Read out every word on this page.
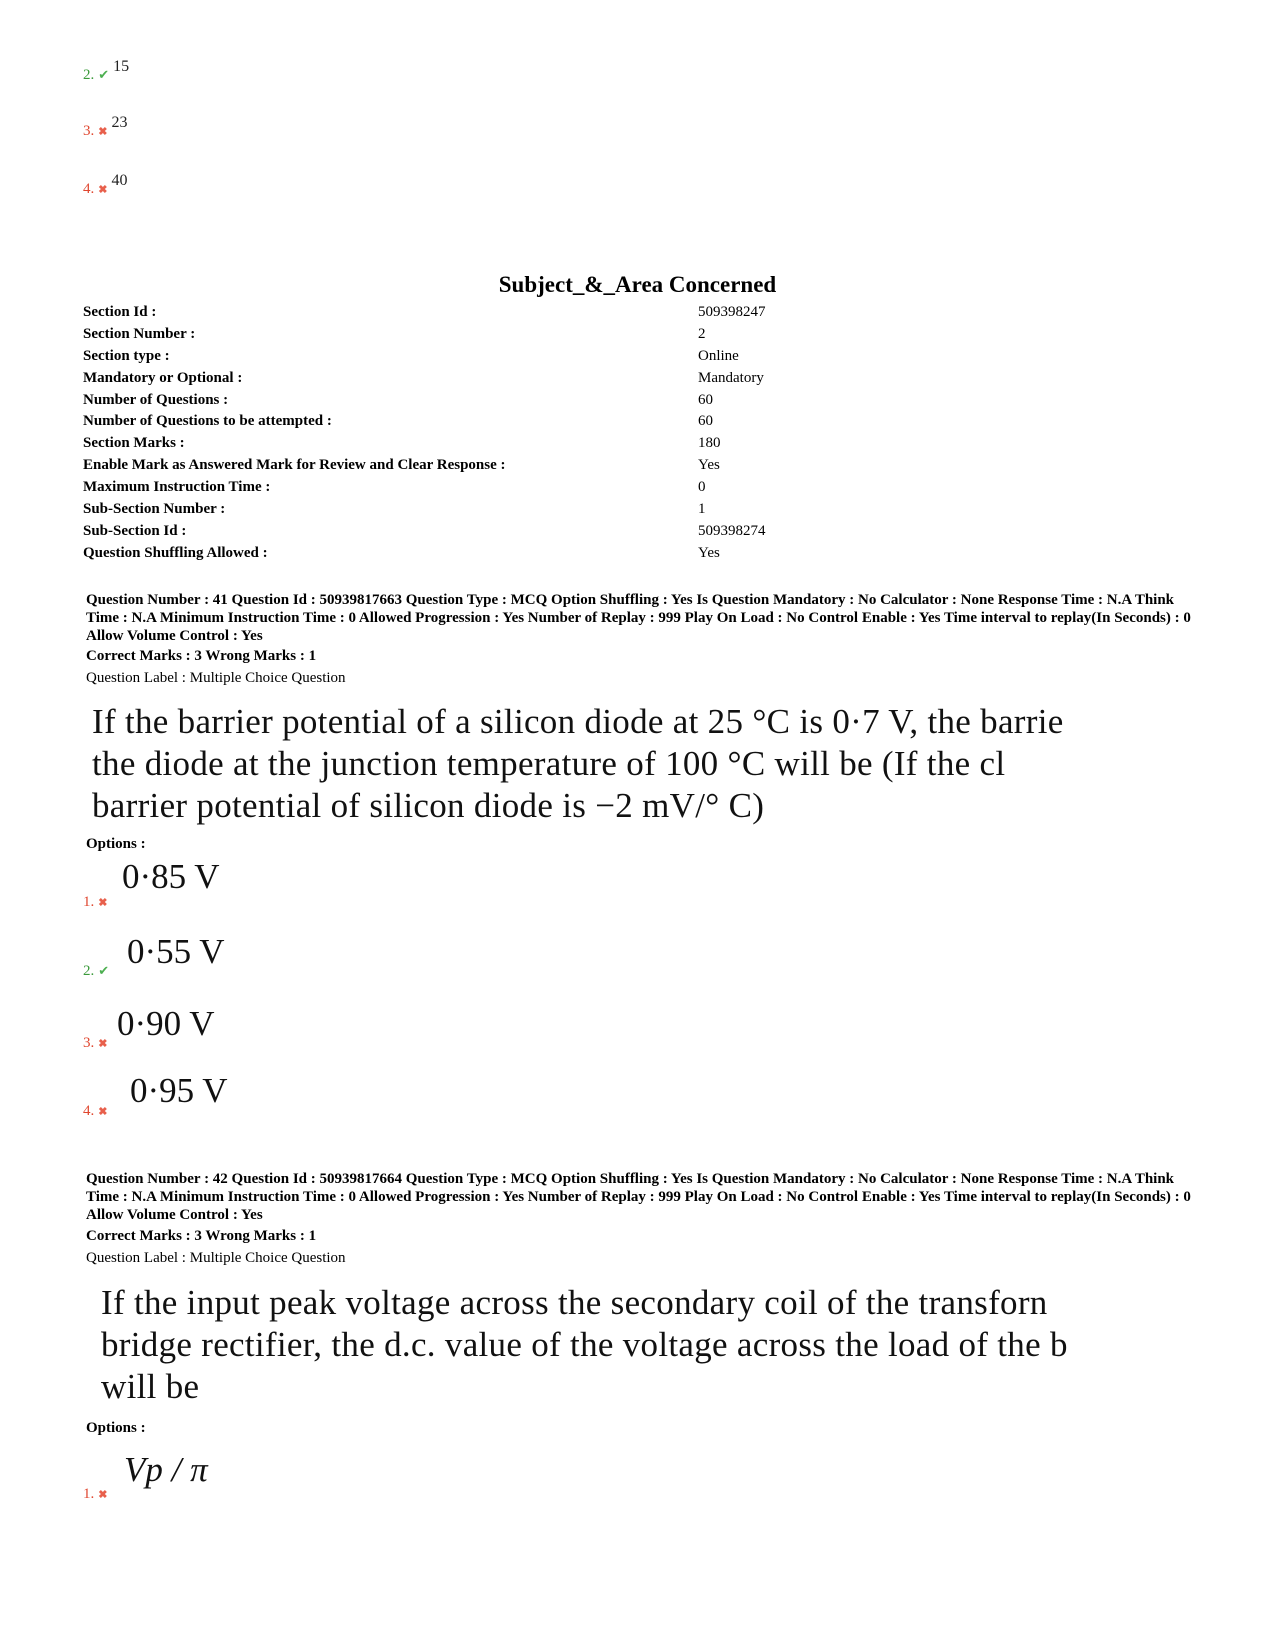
2. ✔ 15
3. ✖ 23
4. ✖ 40
Subject_&_Area Concerned
Section Id :	509398247
Section Number :	2
Section type :	Online
Mandatory or Optional :	Mandatory
Number of Questions :	60
Number of Questions to be attempted :	60
Section Marks :	180
Enable Mark as Answered Mark for Review and Clear Response :	Yes
Maximum Instruction Time :	0
Sub-Section Number :	1
Sub-Section Id :	509398274
Question Shuffling Allowed :	Yes
Question Number : 41 Question Id : 50939817663 Question Type : MCQ Option Shuffling : Yes Is Question Mandatory : No Calculator : None Response Time : N.A Think Time : N.A Minimum Instruction Time : 0 Allowed Progression : Yes Number of Replay : 999 Play On Load : No Control Enable : Yes Time interval to replay(In Seconds) : 0 Allow Volume Control : Yes
Correct Marks : 3 Wrong Marks : 1
Question Label : Multiple Choice Question
If the barrier potential of a silicon diode at 25 °C is 0·7 V, the barrie
the diode at the junction temperature of 100 °C will be (If the cl
barrier potential of silicon diode is −2 mV/° C)
Options :
1. ✖
0·85 V
2. ✔ 0·55 V
3. ✖
0·90 V
4. ✖
0·95 V
Question Number : 42 Question Id : 50939817664 Question Type : MCQ Option Shuffling : Yes Is Question Mandatory : No Calculator : None Response Time : N.A Think Time : N.A Minimum Instruction Time : 0 Allowed Progression : Yes Number of Replay : 999 Play On Load : No Control Enable : Yes Time interval to replay(In Seconds) : 0 Allow Volume Control : Yes
Correct Marks : 3 Wrong Marks : 1
Question Label : Multiple Choice Question
If the input peak voltage across the secondary coil of the transforn
bridge rectifier, the d.c. value of the voltage across the load of the b
will be
Options :
1. ✖
Vp / π
